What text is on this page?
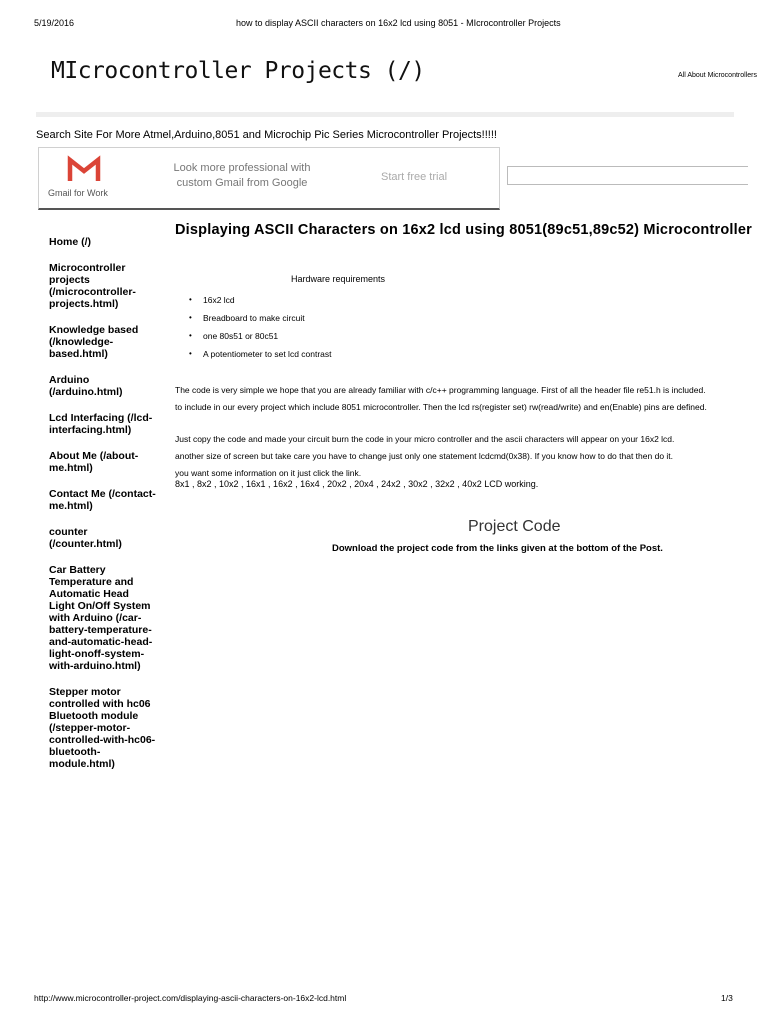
5/19/2016	how to display ASCII characters on 16x2 lcd using 8051 - MIcrocontroller Projects
MIcrocontroller Projects (/)	All About Microcontrollers
Search Site For More Atmel,Arduino,8051 and Microchip Pic Series Microcontroller Projects!!!!!
Gmail for Work
Look more professional with custom Gmail from Google	Start free trial
Home (/)
Microcontroller projects (/microcontroller-projects.html)
Knowledge based (/knowledge-based.html)
Arduino (/arduino.html)
Lcd Interfacing (/lcd-interfacing.html)
About Me (/about-me.html)
Contact Me (/contact-me.html)
counter (/counter.html)
Car Battery Temperature and Automatic Head Light On/Off System with Arduino (/car-battery-temperature-and-automatic-head-light-onoff-system-with-arduino.html)
Stepper motor controlled with hc06 Bluetooth module (/stepper-motor-controlled-with-hc06-bluetooth-module.html)
Displaying ASCII Characters on 16x2 lcd using 8051(89c51,89c52) Microcontroller
Hardware requirements
• 16x2 lcd
• Breadboard to make circuit
• one 80s51 or 80c51
• A potentiometer to set lcd contrast
The code is very simple we hope that you are already familiar with c/c++ programming language. First of all the header file re51.h is included.
to include in our every project which include 8051 microcontroller. Then the lcd rs(register set) rw(read/write) and en(Enable) pins are defined.
Just copy the code and made your circuit burn the code in your micro controller and the ascii characters will appear on your 16x2 lcd.
another size of screen but take care you have to change just only one statement lcdcmd(0x38). If you know how to do that then do it.
you want some information on it just click the link.
8x1 , 8x2 , 10x2 , 16x1 , 16x2 , 16x4 , 20x2 , 20x4 , 24x2 , 30x2 , 32x2 , 40x2 LCD working.
Project Code
Download the project code from the links given at the bottom of the Post.
http://www.microcontroller-project.com/displaying-ascii-characters-on-16x2-lcd.html	1/3
